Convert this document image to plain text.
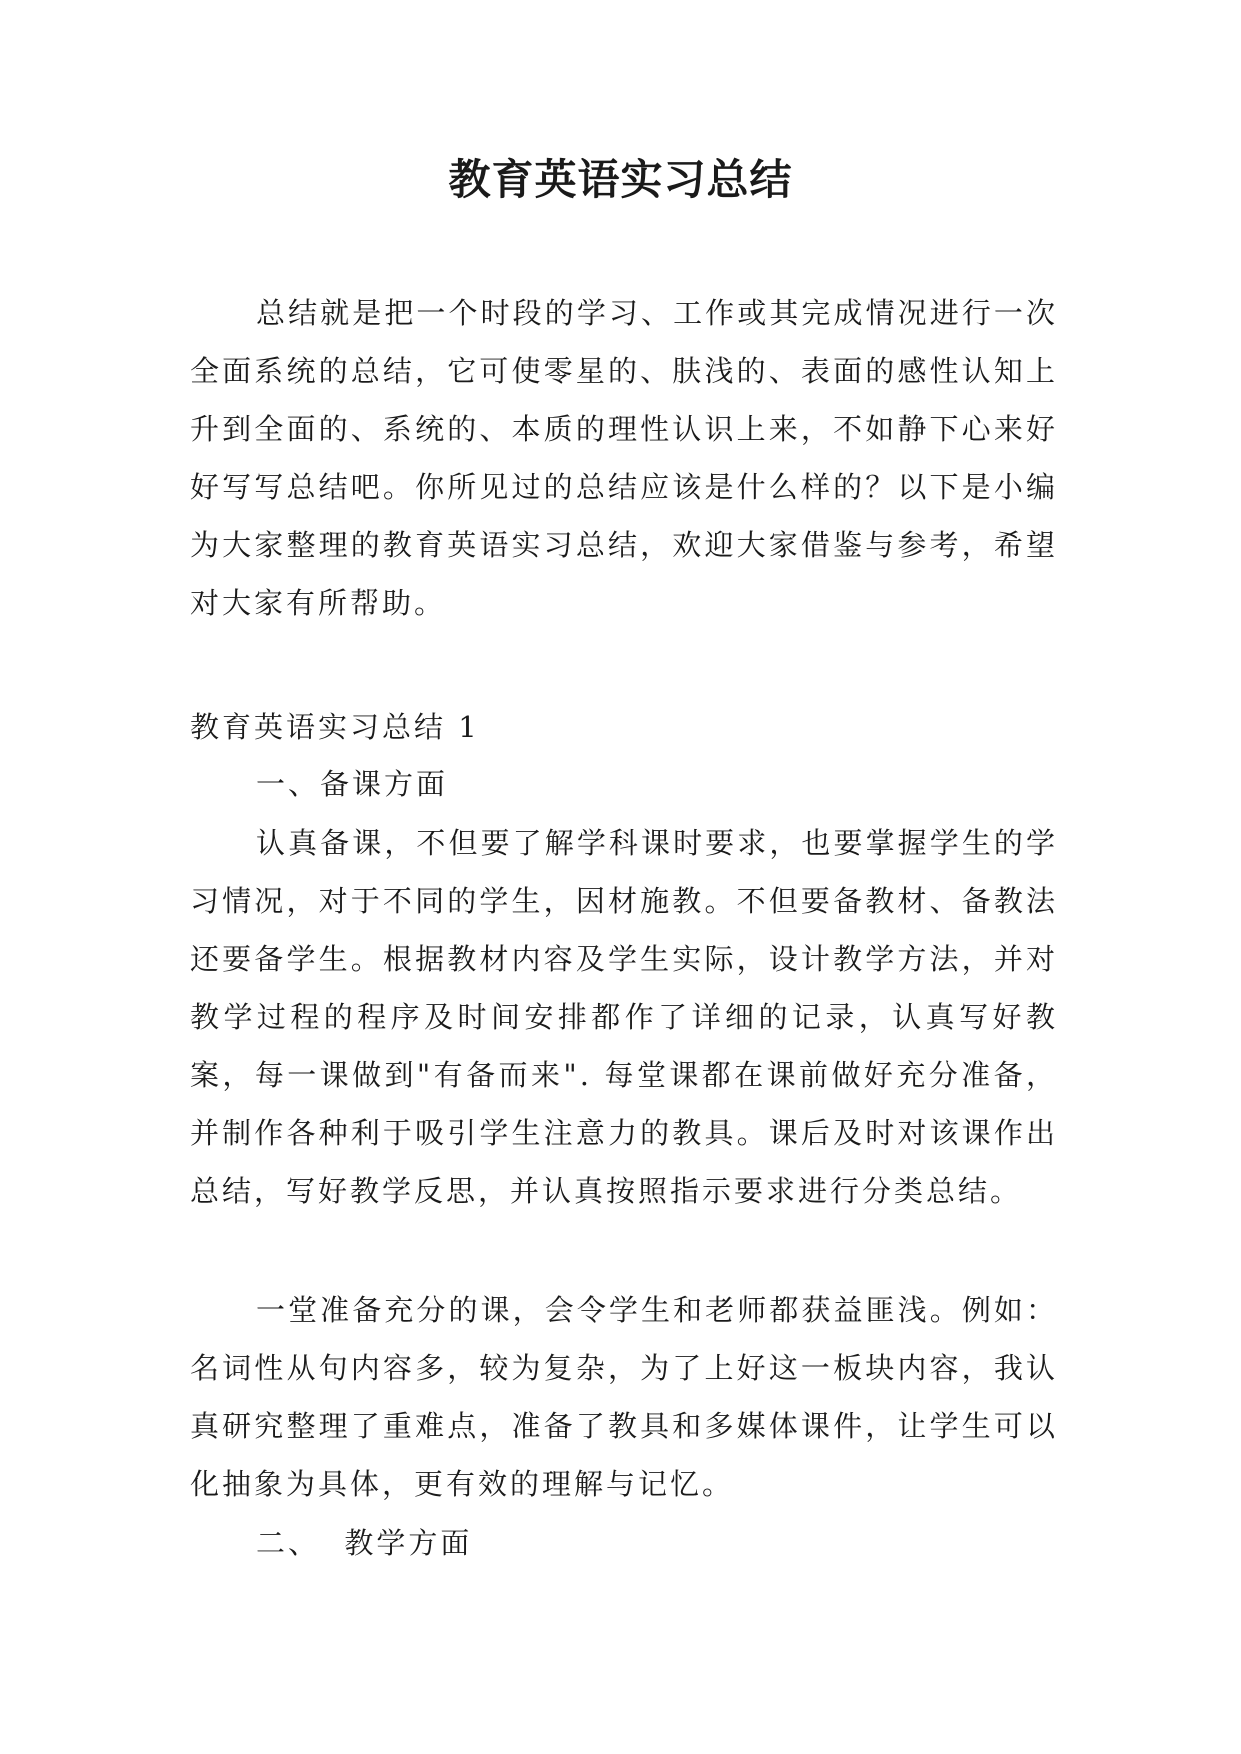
教育英语实习总结

总结就是把一个时段的学习、工作或其完成情况进行一次全面系统的总结，它可使零星的、肤浅的、表面的感性认知上升到全面的、系统的、本质的理性认识上来，不如静下心来好好写写总结吧。你所见过的总结应该是什么样的？以下是小编为大家整理的教育英语实习总结，欢迎大家借鉴与参考，希望对大家有所帮助。

教育英语实习总结 1

一、备课方面

认真备课，不但要了解学科课时要求，也要掌握学生的学习情况，对于不同的学生，因材施教。不但要备教材、备教法还要备学生。根据教材内容及学生实际，设计教学方法，并对教学过程的程序及时间安排都作了详细的记录，认真写好教案，每一课做到"有备而来". 每堂课都在课前做好充分准备，并制作各种利于吸引学生注意力的教具。课后及时对该课作出总结，写好教学反思，并认真按照指示要求进行分类总结。

一堂准备充分的课，会令学生和老师都获益匪浅。例如：名词性从句内容多，较为复杂，为了上好这一板块内容，我认真研究整理了重难点，准备了教具和多媒体课件，让学生可以化抽象为具体，更有效的理解与记忆。

二、  教学方面
